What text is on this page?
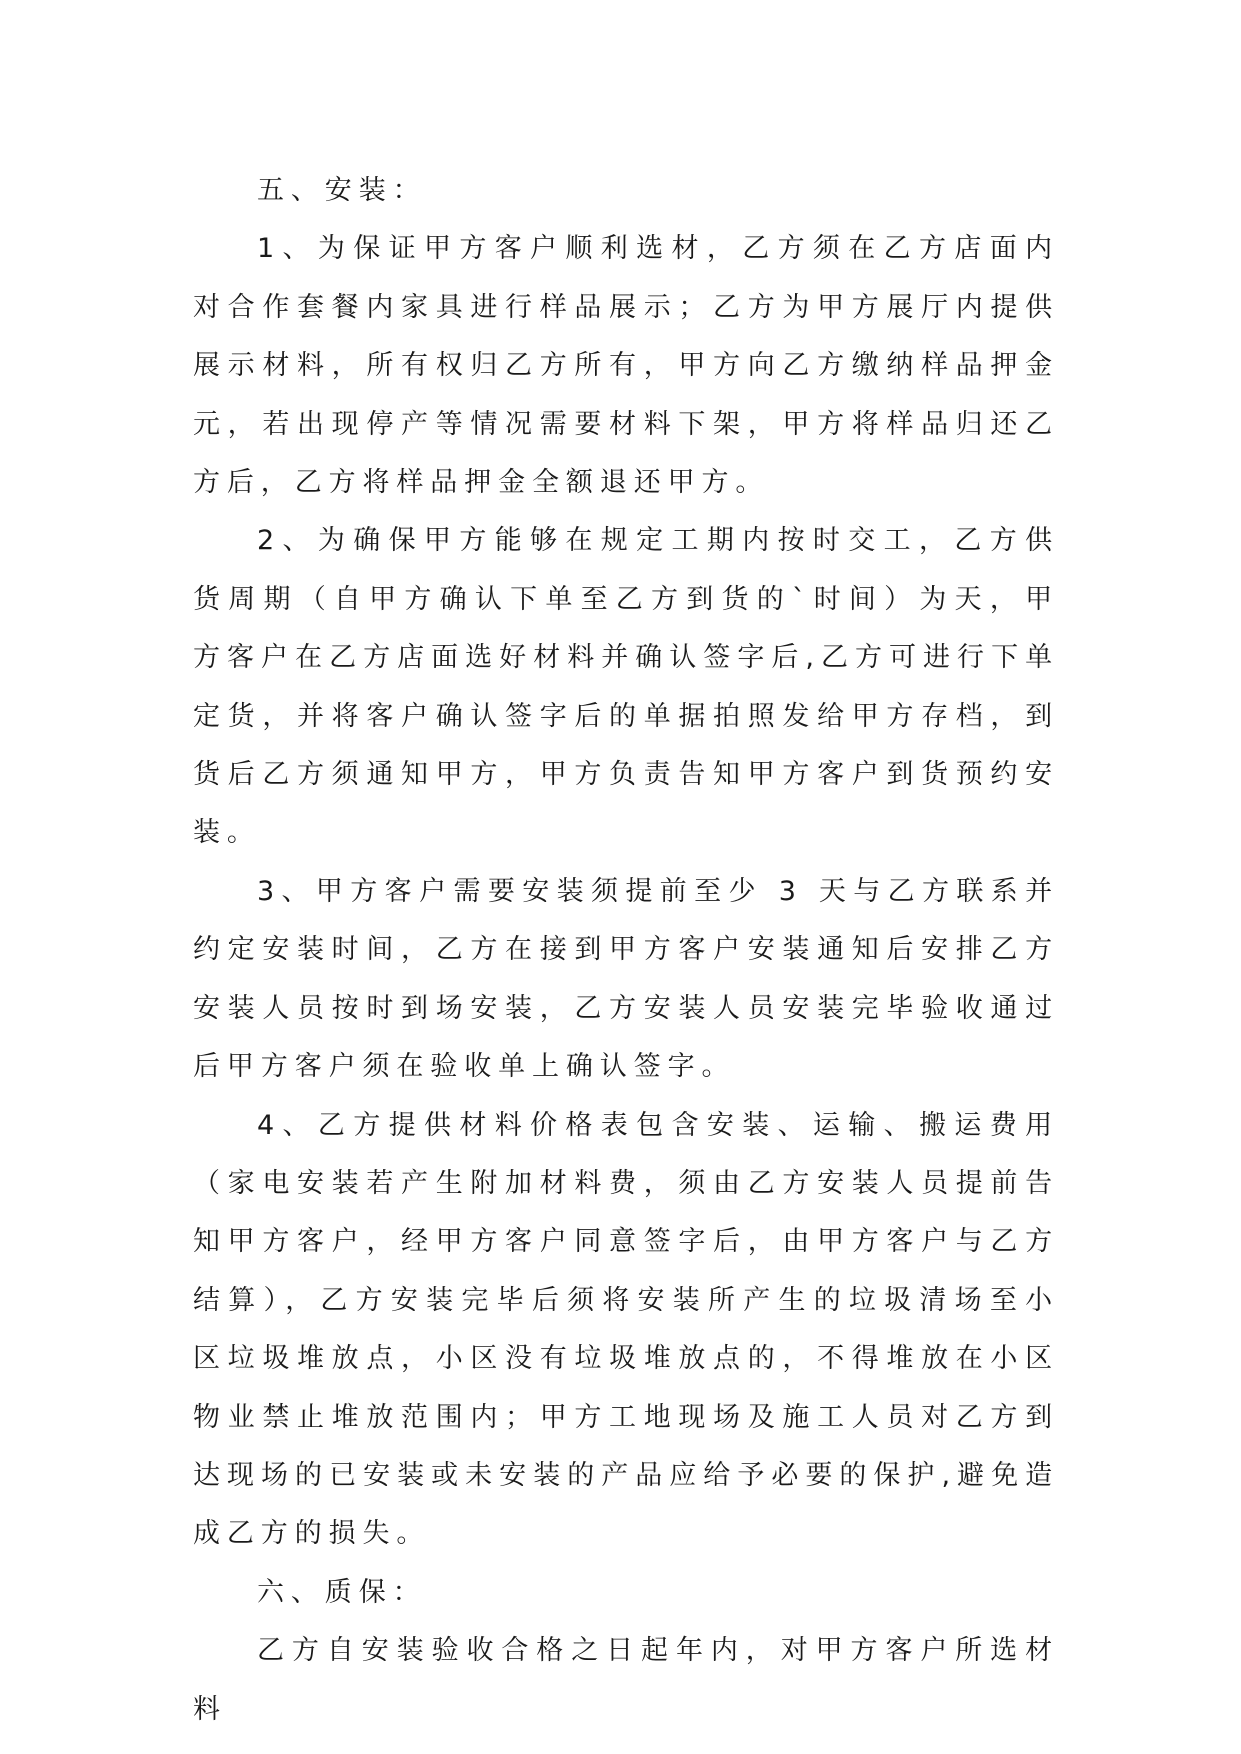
五、安装：

1、为保证甲方客户顺利选材，乙方须在乙方店面内对合作套餐内家具进行样品展示；乙方为甲方展厅内提供展示材料，所有权归乙方所有，甲方向乙方缴纳样品押金元，若出现停产等情况需要材料下架，甲方将样品归还乙方后，乙方将样品押金全额退还甲方。

2、为确保甲方能够在规定工期内按时交工，乙方供货周期（自甲方确认下单至乙方到货的`时间）为天，甲方客户在乙方店面选好材料并确认签字后,乙方可进行下单定货，并将客户确认签字后的单据拍照发给甲方存档，到货后乙方须通知甲方，甲方负责告知甲方客户到货预约安装。

3、甲方客户需要安装须提前至少 3 天与乙方联系并约定安装时间，乙方在接到甲方客户安装通知后安排乙方安装人员按时到场安装，乙方安装人员安装完毕验收通过后甲方客户须在验收单上确认签字。

4、乙方提供材料价格表包含安装、运输、搬运费用（家电安装若产生附加材料费，须由乙方安装人员提前告知甲方客户，经甲方客户同意签字后，由甲方客户与乙方结算），乙方安装完毕后须将安装所产生的垃圾清场至小区垃圾堆放点，小区没有垃圾堆放点的，不得堆放在小区物业禁止堆放范围内；甲方工地现场及施工人员对乙方到达现场的已安装或未安装的产品应给予必要的保护,避免造成乙方的损失。

六、质保：

乙方自安装验收合格之日起年内，对甲方客户所选材料
